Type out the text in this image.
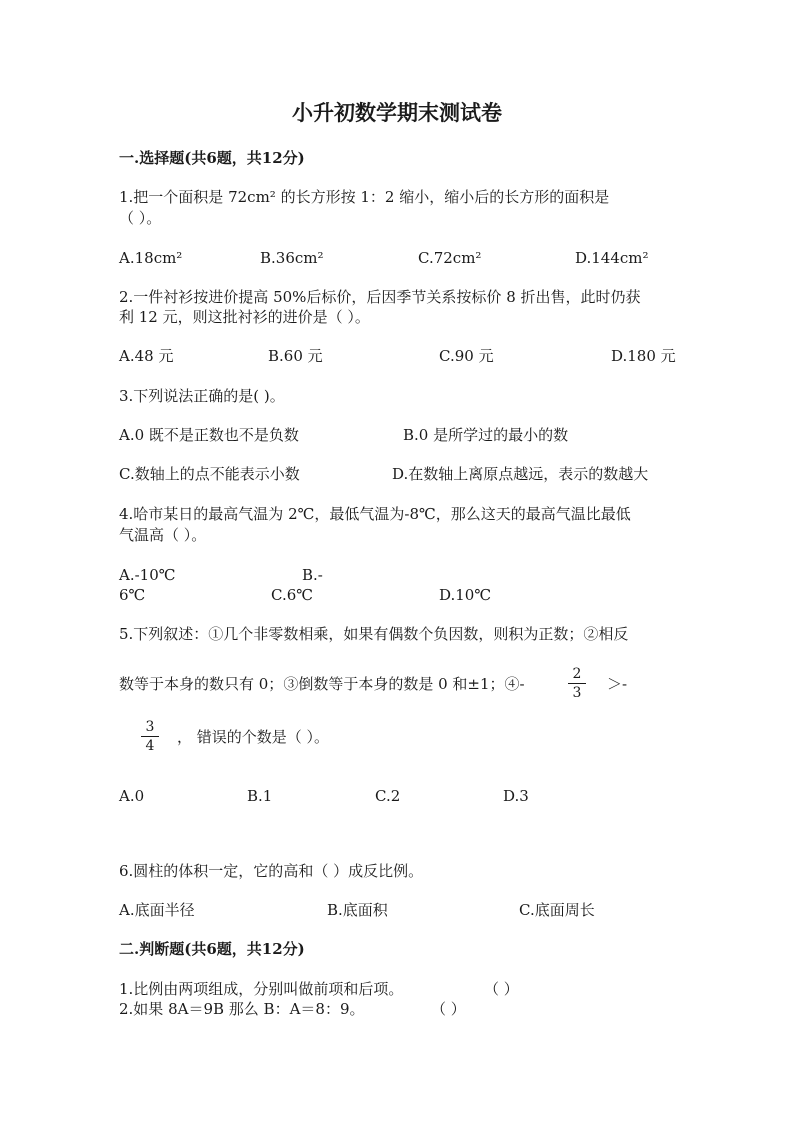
小升初数学期末测试卷
一.选择题(共6题，共12分)
1.把一个面积是 72cm² 的长方形按 1：2 缩小，缩小后的长方形的面积是
（ ）。
A.18cm²	B.36cm²	C.72cm²	D.144cm²
2.一件衬衫按进价提高 50%后标价，后因季节关系按标价 8 折出售，此时仍获
利 12 元，则这批衬衫的进价是（ ）。
A.48 元	B.60 元	C.90 元	D.180 元
3.下列说法正确的是( )。
A.0 既不是正数也不是负数	B.0 是所学过的最小的数
C.数轴上的点不能表示小数	D.在数轴上离原点越远，表示的数越大
4.哈市某日的最高气温为 2℃，最低气温为-8℃，那么这天的最高气温比最低
气温高（ ）。
A.-10℃	B.-
6℃	C.6℃	D.10℃
5.下列叙述：①几个非零数相乘，如果有偶数个负因数，则积为正数；②相反
数等于本身的数只有 0；③倒数等于本身的数是 0 和±1；④-
2
3	＞-
3
4	， 错误的个数是（ ）。
A.0	B.1	C.2	D.3
6.圆柱的体积一定，它的高和（ ）成反比例。
A.底面半径	B.底面积	C.底面周长
二.判断题(共6题，共12分)
1.比例由两项组成，分别叫做前项和后项。	（ ）
2.如果 8A＝9B 那么 B：A＝8：9。	（ ）
